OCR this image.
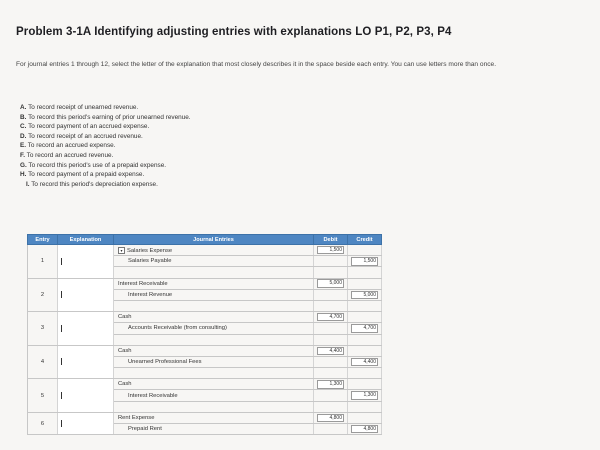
Problem 3-1A Identifying adjusting entries with explanations LO P1, P2, P3, P4
For journal entries 1 through 12, select the letter of the explanation that most closely describes it in the space beside each entry. You can use letters more than once.
A. To record receipt of unearned revenue.
B. To record this period's earning of prior unearned revenue.
C. To record payment of an accrued expense.
D. To record receipt of an accrued revenue.
E. To record an accrued expense.
F. To record an accrued revenue.
G. To record this period's use of a prepaid expense.
H. To record payment of a prepaid expense.
I. To record this period's depreciation expense.
Entry	Explanation	Journal Entries	Debit	Credit
1		▾ Salaries Expense	1,500	
		Salaries Payable		1,500

2		Interest Receivable	5,000	
		Interest Revenue		5,000

3		Cash	4,700	
		Accounts Receivable (from consulting)		4,700

4		Cash	4,400	
		Unearned Professional Fees		4,400

5		Cash	1,300	
		Interest Receivable		1,300

6		Rent Expense	4,800	
		Prepaid Rent		4,800
